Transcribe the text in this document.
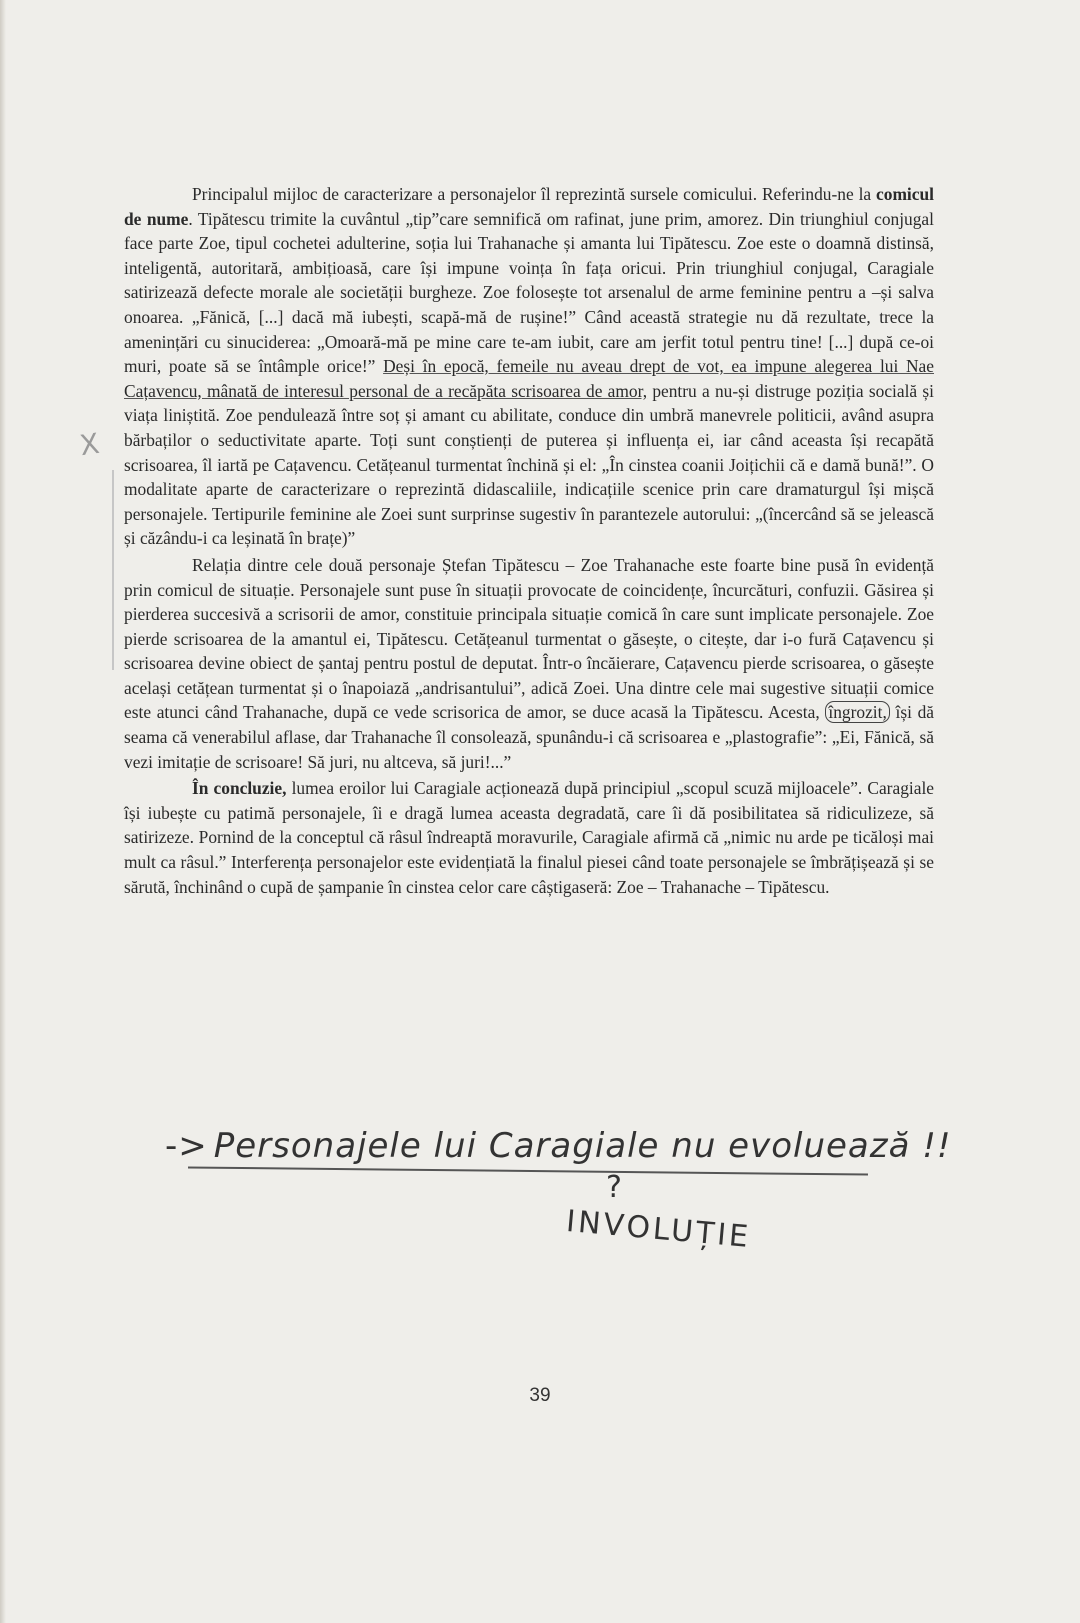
Principalul mijloc de caracterizare a personajelor îl reprezintă sursele comicului. Referindu-ne la comicul de nume. Tipătescu trimite la cuvântul „tip”care semnifică om rafinat, june prim, amorez. Din triunghiul conjugal face parte Zoe, tipul cochetei adulterine, soția lui Trahanache și amanta lui Tipătescu. Zoe este o doamnă distinsă, inteligentă, autoritară, ambițioasă, care își impune voința în fața oricui. Prin triunghiul conjugal, Caragiale satirizează defecte morale ale societății burgheze. Zoe folosește tot arsenalul de arme feminine pentru a –și salva onoarea. „Fănică, [...] dacă mă iubești, scapă-mă de rușine!” Când această strategie nu dă rezultate, trece la amenințări cu sinuciderea: „Omoară-mă pe mine care te-am iubit, care am jerfit totul pentru tine! [...] după ce-oi muri, poate să se întâmple orice!” Deși în epocă, femeile nu aveau drept de vot, ea impune alegerea lui Nae Cațavencu, mânată de interesul personal de a recăpăta scrisoarea de amor, pentru a nu-și distruge poziția socială și viața liniștită. Zoe pendulează între soț și amant cu abilitate, conduce din umbră manevrele politicii, având asupra bărbaților o seductivitate aparte. Toți sunt conștienți de puterea și influența ei, iar când aceasta își recapătă scrisoarea, îl iartă pe Cațavencu. Cetățeanul turmentat închină și el: „În cinstea coanii Joițichii că e damă bună!”. O modalitate aparte de caracterizare o reprezintă didascaliile, indicațiile scenice prin care dramaturgul își mișcă personajele. Tertipurile feminine ale Zoei sunt surprinse sugestiv în parantezele autorului: „(încercând să se jelească și căzându-i ca leșinată în brațe)”

Relația dintre cele două personaje Ștefan Tipătescu – Zoe Trahanache este foarte bine pusă în evidență prin comicul de situație. Personajele sunt puse în situații provocate de coincidențe, încurcături, confuzii. Găsirea și pierderea succesivă a scrisorii de amor, constituie principala situație comică în care sunt implicate personajele. Zoe pierde scrisoarea de la amantul ei, Tipătescu. Cetățeanul turmentat o găsește, o citește, dar i-o fură Cațavencu și scrisoarea devine obiect de șantaj pentru postul de deputat. Într-o încăierare, Cațavencu pierde scrisoarea, o găsește același cetățean turmentat și o înapoiază „andrisantului”, adică Zoei. Una dintre cele mai sugestive situații comice este atunci când Trahanache, după ce vede scrisorica de amor, se duce acasă la Tipătescu. Acesta, îngrozit, își dă seama că venerabilul aflase, dar Trahanache îl consolează, spunându-i că scrisoarea e „plastografie”: „Ei, Fănică, să vezi imitație de scrisoare! Să juri, nu altceva, să juri!...”

În concluzie, lumea eroilor lui Caragiale acționează după principiul „scopul scuză mijloacele”. Caragiale își iubește cu patimă personajele, îi e dragă lumea aceasta degradată, care îi dă posibilitatea să ridiculizeze, să satirizeze. Pornind de la conceptul că râsul îndreaptă moravurile, Caragiale afirmă că „nimic nu arde pe ticăloși mai mult ca râsul.” Interferența personajelor este evidențiată la finalul piesei când toate personajele se îmbrățișează și se sărută, închinând o cupă de șampanie în cinstea celor care câștigaseră: Zoe – Trahanache – Tipătescu.

X
-> Personajele lui Caragiale nu evoluează !!
?
INVOLUȚIE
39
